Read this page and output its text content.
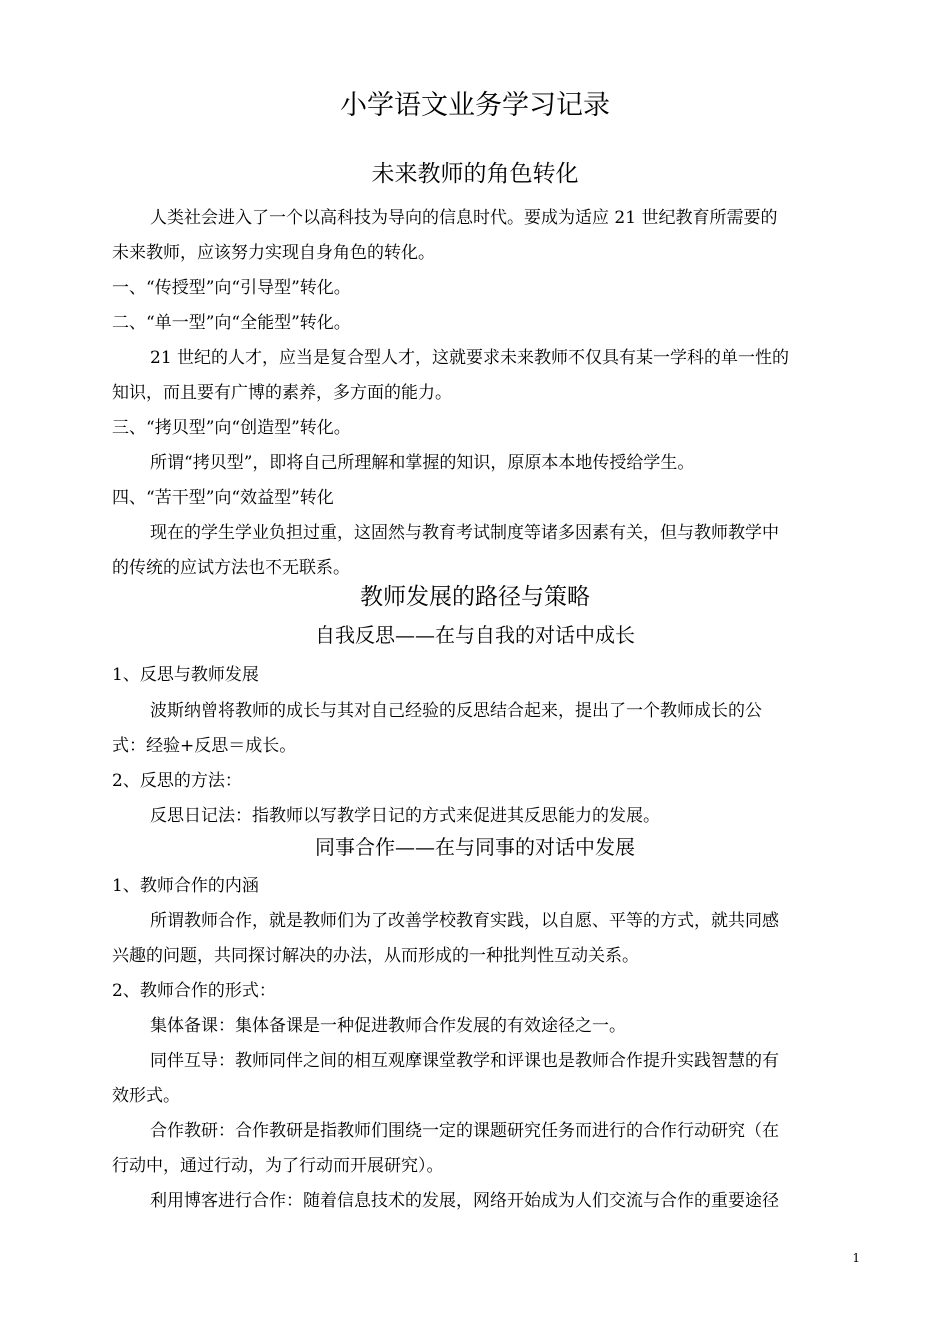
小学语文业务学习记录
未来教师的角色转化
人类社会进入了一个以高科技为导向的信息时代。要成为适应 21 世纪教育所需要的
未来教师，应该努力实现自身角色的转化。
一、“传授型”向“引导型”转化。
二、“单一型”向“全能型”转化。
21 世纪的人才，应当是复合型人才，这就要求未来教师不仅具有某一学科的单一性的
知识，而且要有广博的素养，多方面的能力。
三、“拷贝型”向“创造型”转化。
所谓“拷贝型”，即将自己所理解和掌握的知识，原原本本地传授给学生。
四、“苦干型”向“效益型”转化
现在的学生学业负担过重，这固然与教育考试制度等诸多因素有关，但与教师教学中
的传统的应试方法也不无联系。
教师发展的路径与策略
自我反思——在与自我的对话中成长
1、反思与教师发展
波斯纳曾将教师的成长与其对自己经验的反思结合起来，提出了一个教师成长的公
式：经验+反思＝成长。
2、反思的方法：
反思日记法：指教师以写教学日记的方式来促进其反思能力的发展。
同事合作——在与同事的对话中发展
1、教师合作的内涵
所谓教师合作，就是教师们为了改善学校教育实践，以自愿、平等的方式，就共同感
兴趣的问题，共同探讨解决的办法，从而形成的一种批判性互动关系。
2、教师合作的形式：
集体备课：集体备课是一种促进教师合作发展的有效途径之一。
同伴互导：教师同伴之间的相互观摩课堂教学和评课也是教师合作提升实践智慧的有
效形式。
合作教研：合作教研是指教师们围绕一定的课题研究任务而进行的合作行动研究（在
行动中，通过行动，为了行动而开展研究）。
利用博客进行合作：随着信息技术的发展，网络开始成为人们交流与合作的重要途径
1
